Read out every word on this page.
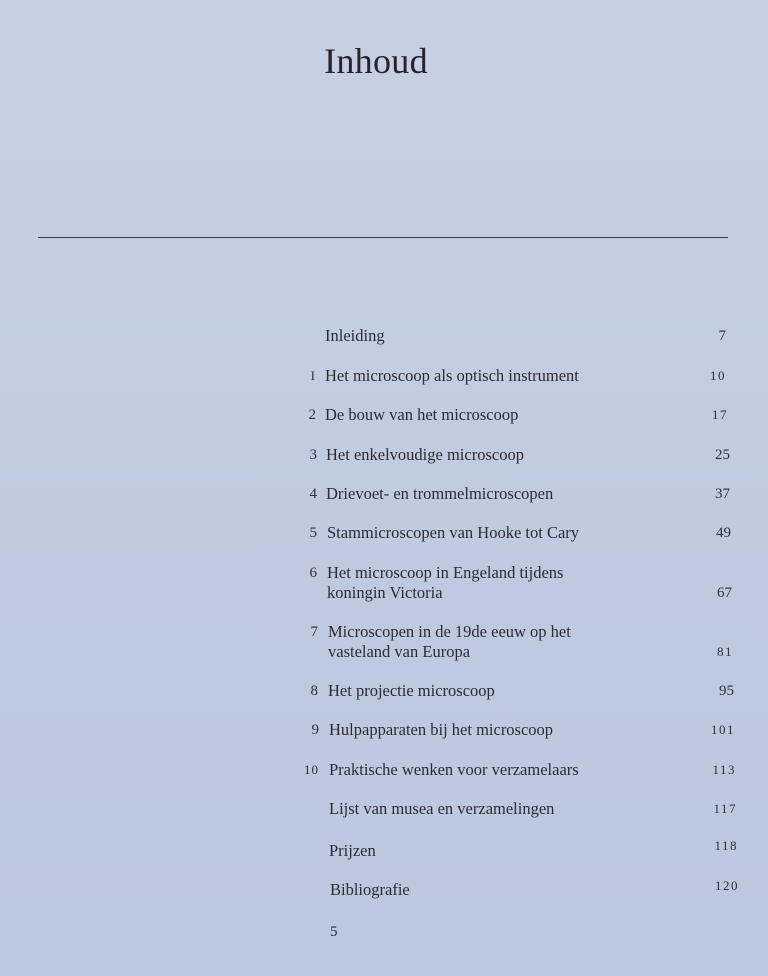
Inhoud
Inleiding	7
I Het microscoop als optisch instrument	10
2 De bouw van het microscoop	17
3 Het enkelvoudige microscoop	25
4 Drievoet- en trommelmicroscopen	37
5 Stammicroscopen van Hooke tot Cary	49
6 Het microscoop in Engeland tijdens
koningin Victoria	67
7 Microscopen in de 19de eeuw op het
vasteland van Europa	81
8 Het projectie microscoop	95
9 Hulpapparaten bij het microscoop	101
10 Praktische wenken voor verzamelaars	113
Lijst van musea en verzamelingen	117
Prijzen	118
Bibliografie	120
5
